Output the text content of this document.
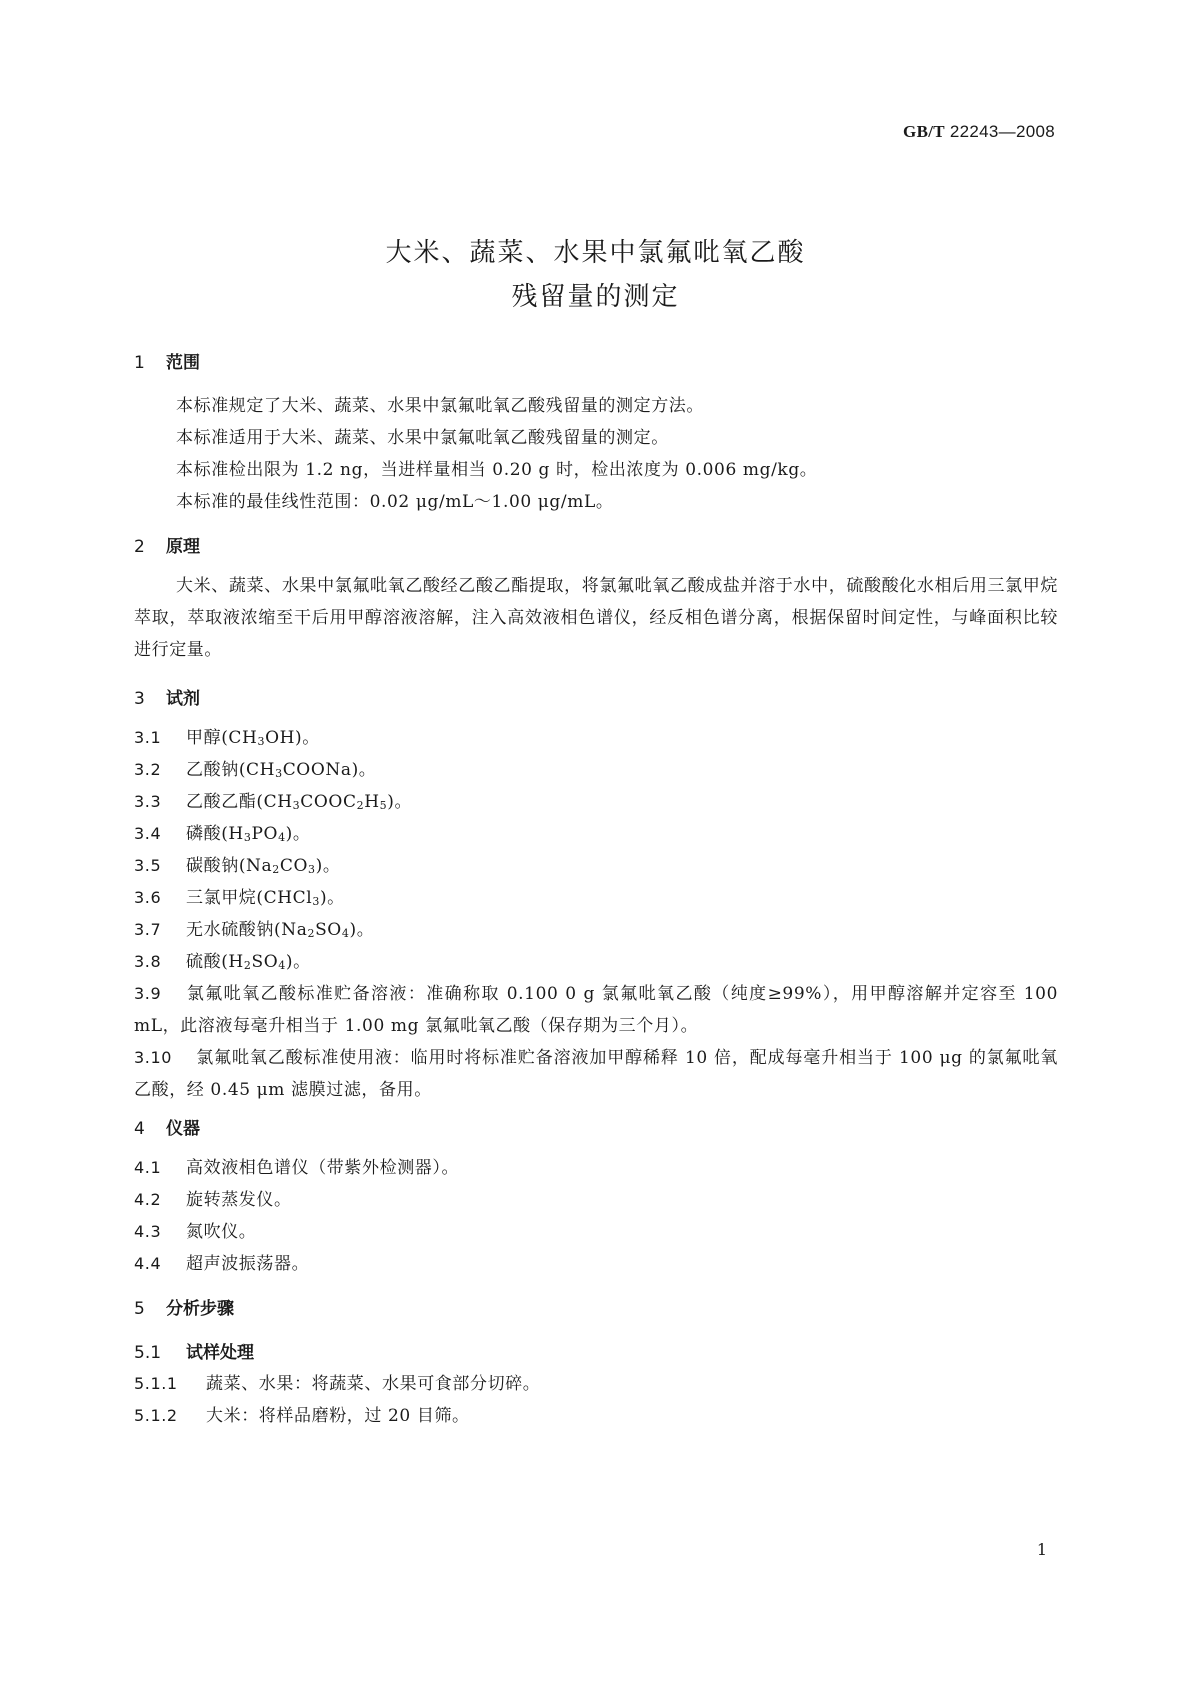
GB/T 22243—2008
大米、蔬菜、水果中氯氟吡氧乙酸
残留量的测定
1 范围
本标准规定了大米、蔬菜、水果中氯氟吡氧乙酸残留量的测定方法。
本标准适用于大米、蔬菜、水果中氯氟吡氧乙酸残留量的测定。
本标准检出限为 1.2 ng，当进样量相当 0.20 g 时，检出浓度为 0.006 mg/kg。
本标准的最佳线性范围：0.02 μg/mL～1.00 μg/mL。
2 原理
大米、蔬菜、水果中氯氟吡氧乙酸经乙酸乙酯提取，将氯氟吡氧乙酸成盐并溶于水中，硫酸酸化水相后用三氯甲烷萃取，萃取液浓缩至干后用甲醇溶液溶解，注入高效液相色谱仪，经反相色谱分离，根据保留时间定性，与峰面积比较进行定量。
3 试剂
3.1 甲醇$(CH_3OH)$。
3.2 乙酸钠$(CH_3COONa)$。
3.3 乙酸乙酯$(CH_3COOC_2H_5)$。
3.4 磷酸$(H_3PO_4)$。
3.5 碳酸钠$(Na_2CO_3)$。
3.6 三氯甲烷(CHCl$_3$)。
3.7 无水硫酸钠$(Na_2SO_4)$。
3.8 硫酸$(H_2SO_4)$。
3.9 氯氟吡氧乙酸标准贮备溶液：准确称取 0.100 0 g 氯氟吡氧乙酸（纯度≥99%），用甲醇溶解并定容至 100 mL，此溶液每毫升相当于 1.00 mg 氯氟吡氧乙酸（保存期为三个月）。
3.10 氯氟吡氧乙酸标准使用液：临用时将标准贮备溶液加甲醇稀释 10 倍，配成每毫升相当于 100 μg 的氯氟吡氧乙酸，经 0.45 μm 滤膜过滤，备用。
4 仪器
4.1 高效液相色谱仪（带紫外检测器）。
4.2 旋转蒸发仪。
4.3 氮吹仪。
4.4 超声波振荡器。
5 分析步骤
5.1 试样处理
5.1.1 蔬菜、水果：将蔬菜、水果可食部分切碎。
5.1.2 大米：将样品磨粉，过 20 目筛。
1
